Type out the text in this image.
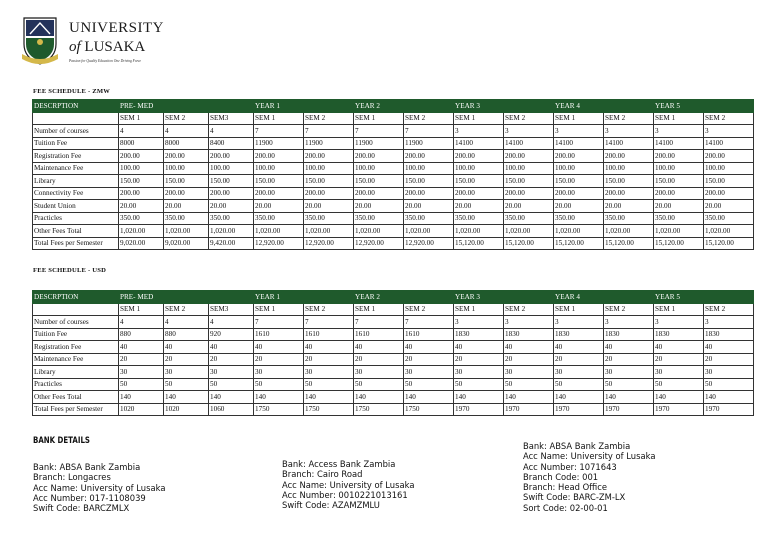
UNIVERSITY
of LUSAKA
Passion for Quality Education One Driving Force
FEE SCHEDULE - ZMW
DESCRPTION	PRE- MED			YEAR 1		YEAR 2		YEAR 3		YEAR 4		YEAR 5	
	SEM 1	SEM 2	SEM3	SEM 1	SEM 2	SEM 1	SEM 2	SEM 1	SEM 2	SEM 1	SEM 2	SEM 1	SEM 2
Number of courses	4	4	4	7	7	7	7	3	3	3	3	3	3
Tuition Fee	8000	8000	8400	11900	11900	11900	11900	14100	14100	14100	14100	14100	14100
Registration Fee	200.00	200.00	200.00	200.00	200.00	200.00	200.00	200.00	200.00	200.00	200.00	200.00	200.00
Maintenance Fee	100.00	100.00	100.00	100.00	100.00	100.00	100.00	100.00	100.00	100.00	100.00	100.00	100.00
Library	150.00	150.00	150.00	150.00	150.00	150.00	150.00	150.00	150.00	150.00	150.00	150.00	150.00
Connectivity Fee	200.00	200.00	200.00	200.00	200.00	200.00	200.00	200.00	200.00	200.00	200.00	200.00	200.00
Student Union	20.00	20.00	20.00	20.00	20.00	20.00	20.00	20.00	20.00	20.00	20.00	20.00	20.00
Practicles	350.00	350.00	350.00	350.00	350.00	350.00	350.00	350.00	350.00	350.00	350.00	350.00	350.00
Other Fees Total	1,020.00	1,020.00	1,020.00	1,020.00	1,020.00	1,020.00	1,020.00	1,020.00	1,020.00	1,020.00	1,020.00	1,020.00	1,020.00
Total Fees per Semester	9,020.00	9,020.00	9,420.00	12,920.00	12,920.00	12,920.00	12,920.00	15,120.00	15,120.00	15,120.00	15,120.00	15,120.00	15,120.00
FEE SCHEDULE - USD
DESCRPTION	PRE- MED			YEAR 1		YEAR 2		YEAR 3		YEAR 4		YEAR 5	
	SEM 1	SEM 2	SEM3	SEM 1	SEM 2	SEM 1	SEM 2	SEM 1	SEM 2	SEM 1	SEM 2	SEM 1	SEM 2
Number of courses	4	4	4	7	7	7	7	3	3	3	3	3	3
Tuition Fee	880	880	920	1610	1610	1610	1610	1830	1830	1830	1830	1830	1830
Registration Fee	40	40	40	40	40	40	40	40	40	40	40	40	40
Maintenance Fee	20	20	20	20	20	20	20	20	20	20	20	20	20
Library	30	30	30	30	30	30	30	30	30	30	30	30	30
Practicles	50	50	50	50	50	50	50	50	50	50	50	50	50
Other Fees Total	140	140	140	140	140	140	140	140	140	140	140	140	140
Total Fees per Semester	1020	1020	1060	1750	1750	1750	1750	1970	1970	1970	1970	1970	1970
BANK DETAILS
Bank: ABSA Bank Zambia
Branch: Longacres
Acc Name: University of Lusaka
Acc Number: 017-1108039
Swift Code: BARCZMLX
Bank: Access Bank Zambia
Branch: Cairo Road
Acc Name: University of Lusaka
Acc Number: 0010221013161
Swift Code: AZAMZMLU
Bank: ABSA Bank Zambia
Acc Name: University of Lusaka
Acc Number: 1071643
Branch Code: 001
Branch: Head Office
Swift Code: BARC-ZM-LX
Sort Code: 02-00-01
